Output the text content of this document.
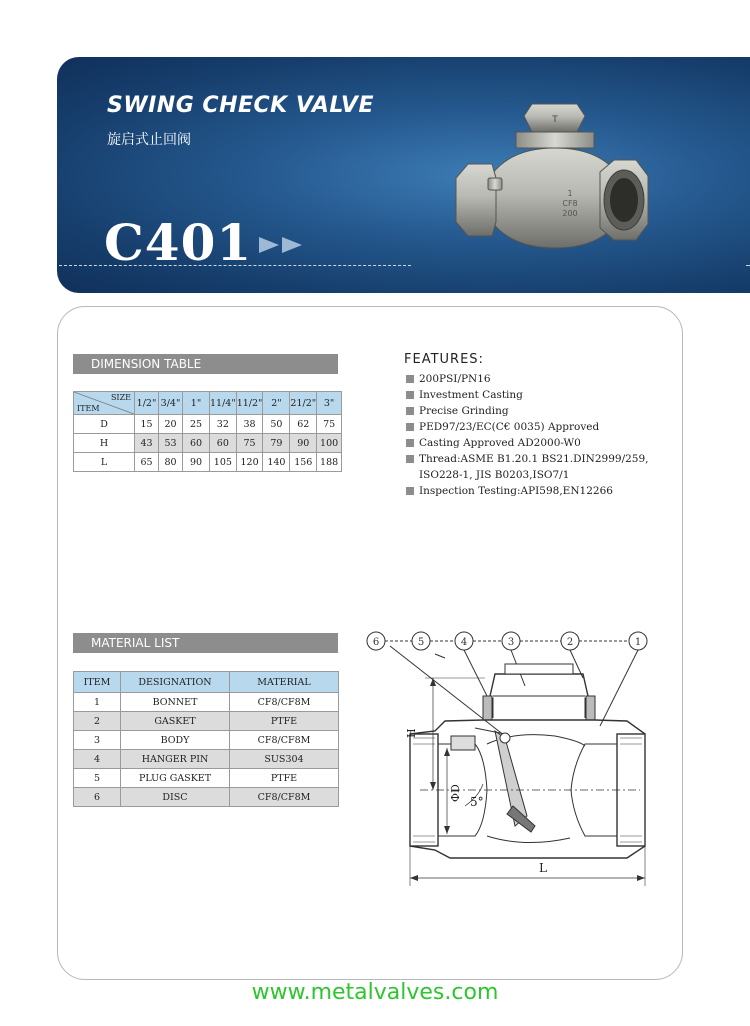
SWING CHECK VALVE
旋启式止回阀
C401
T
1
CF8
200
DIMENSION TABLE
SIZE
ITEM	1/2"	3/4"	1"	11/4"	11/2"	2"	21/2"	3"
D	15	20	25	32	38	50	62	75
H	43	53	60	60	75	79	90	100
L	65	80	90	105	120	140	156	188
FEATURES:
200PSI/PN16
Investment Casting
Precise Grinding
PED97/23/EC(C€ 0035) Approved
Casting Approved AD2000-W0
Thread:ASME B1.20.1 BS21.DIN2999/259,
ISO228-1, JIS B0203,ISO7/1
Inspection Testing:API598,EN12266
MATERIAL LIST
ITEM	DESIGNATION	MATERIAL
1	BONNET	CF8/CF8M
2	GASKET	PTFE
3	BODY	CF8/CF8M
4	HANGER PIN	SUS304
5	PLUG GASKET	PTFE
6	DISC	CF8/CF8M
6	5	4	3	2	1
H
ΦD 5°
L
www.metalvalves.com
